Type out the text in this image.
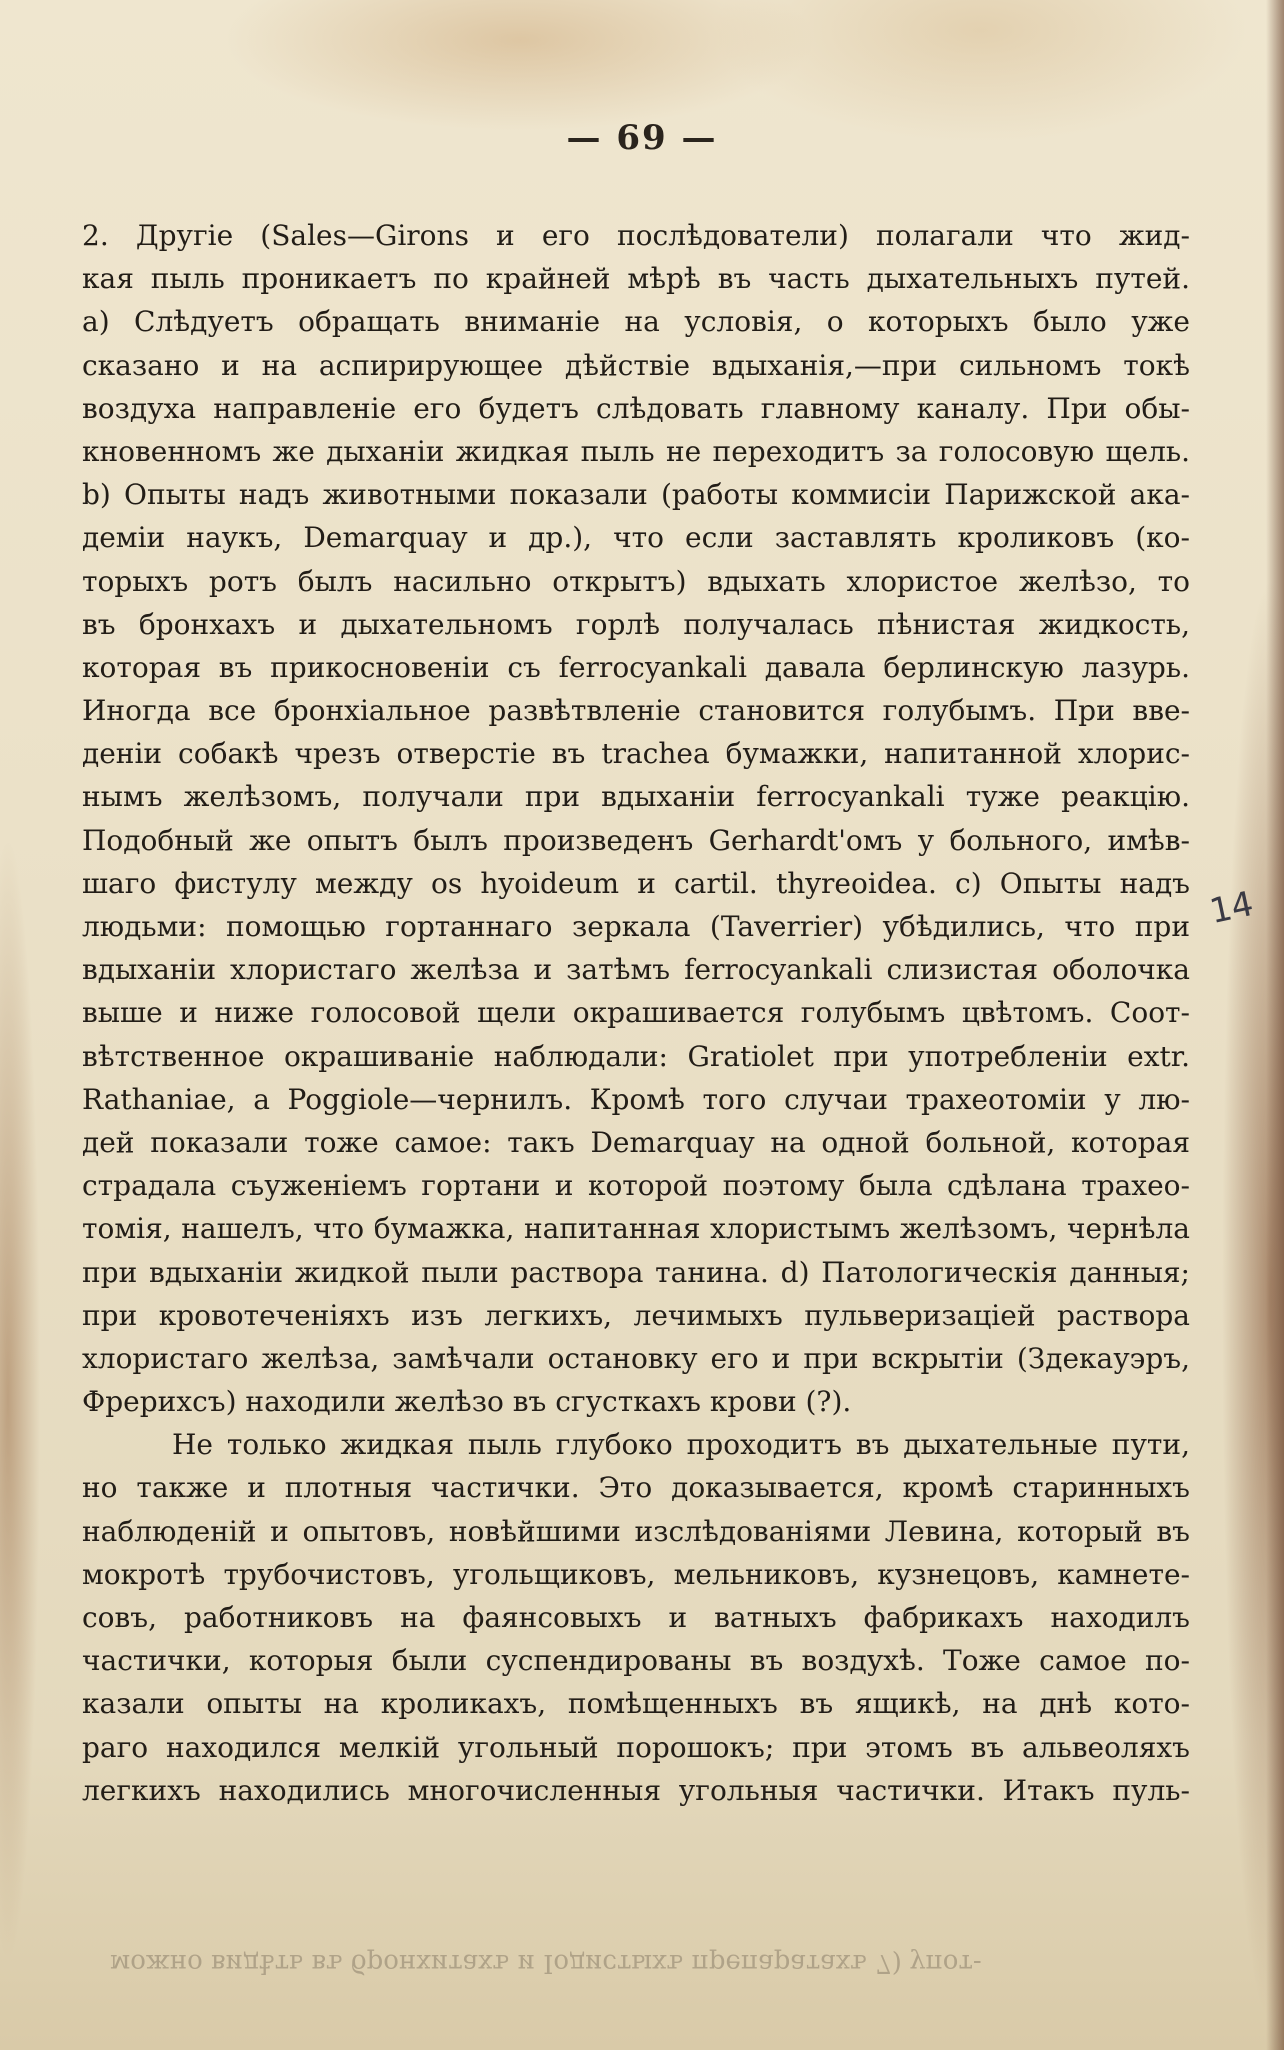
— 69 —
2. Другіе (Sales—Girons и его послѣдователи) полагали что жид-
кая пыль проникаетъ по крайней мѣрѣ въ часть дыхательныхъ путей.
a) Слѣдуетъ обращать вниманіе на условія, о которыхъ было уже
сказано и на аспирирующее дѣйствіе вдыханія,—при сильномъ токѣ
воздуха направленіе его будетъ слѣдовать главному каналу. При обы-
кновенномъ же дыханіи жидкая пыль не переходитъ за голосовую щель.
b) Опыты надъ животными показали (работы коммисіи Парижской ака-
деміи наукъ, Demarquay и др.), что если заставлять кроликовъ (ко-
торыхъ ротъ былъ насильно открытъ) вдыхать хлористое желѣзо, то
въ бронхахъ и дыхательномъ горлѣ получалась пѣнистая жидкость,
которая въ прикосновеніи съ ferrocyankali давала берлинскую лазурь.
Иногда все бронхіальное развѣтвленіе становится голубымъ. При вве-
деніи собакѣ чрезъ отверстіе въ trachea бумажки, напитанной хлорис-
нымъ желѣзомъ, получали при вдыханіи ferrocyankali туже реакцію.
Подобный же опытъ былъ произведенъ Gerhardt'омъ у больного, имѣв-
шаго фистулу между os hyoideum и cartil. thyreoidea. c) Опыты надъ
людьми: помощью гортаннаго зеркала (Taverrier) убѣдились, что при
вдыханіи хлористаго желѣза и затѣмъ ferrocyankali слизистая оболочка
выше и ниже голосовой щели окрашивается голубымъ цвѣтомъ. Соот-
вѣтственное окрашиваніе наблюдали: Gratiolet при употребленіи extr.
Rathaniae, а Poggiole—чернилъ. Кромѣ того случаи трахеотоміи у лю-
дей показали тоже самое: такъ Demarquay на одной больной, которая
страдала съуженіемъ гортани и которой поэтому была сдѣлана трахео-
томія, нашелъ, что бумажка, напитанная хлористымъ желѣзомъ, чернѣла
при вдыханіи жидкой пыли раствора танина. d) Патологическія данныя;
при кровотеченіяхъ изъ легкихъ, лечимыхъ пульверизаціей раствора
хлористаго желѣза, замѣчали остановку его и при вскрытіи (Здекауэръ,
Фрерихсъ) находили желѣзо въ сгусткахъ крови (?).
Не только жидкая пыль глубоко проходитъ въ дыхательные пути,
но также и плотныя частички. Это доказывается, кромѣ старинныхъ
наблюденій и опытовъ, новѣйшими изслѣдованіями Левина, который въ
мокротѣ трубочистовъ, угольщиковъ, мельниковъ, кузнецовъ, камнете-
совъ, работниковъ на фаянсовыхъ и ватныхъ фабрикахъ находилъ
частички, которыя были суспендированы въ воздухѣ. Тоже самое по-
казали опыты на кроликахъ, помѣщенныхъ въ ящикѣ, на днѣ кото-
раго находился мелкій угольный порошокъ; при этомъ въ альвеоляхъ
легкихъ находились многочисленныя угольныя частички. Итакъ пуль-
14
можно видѣть въ бронхитахъ и Іодистыхъ препаратахъ 7) упот-
